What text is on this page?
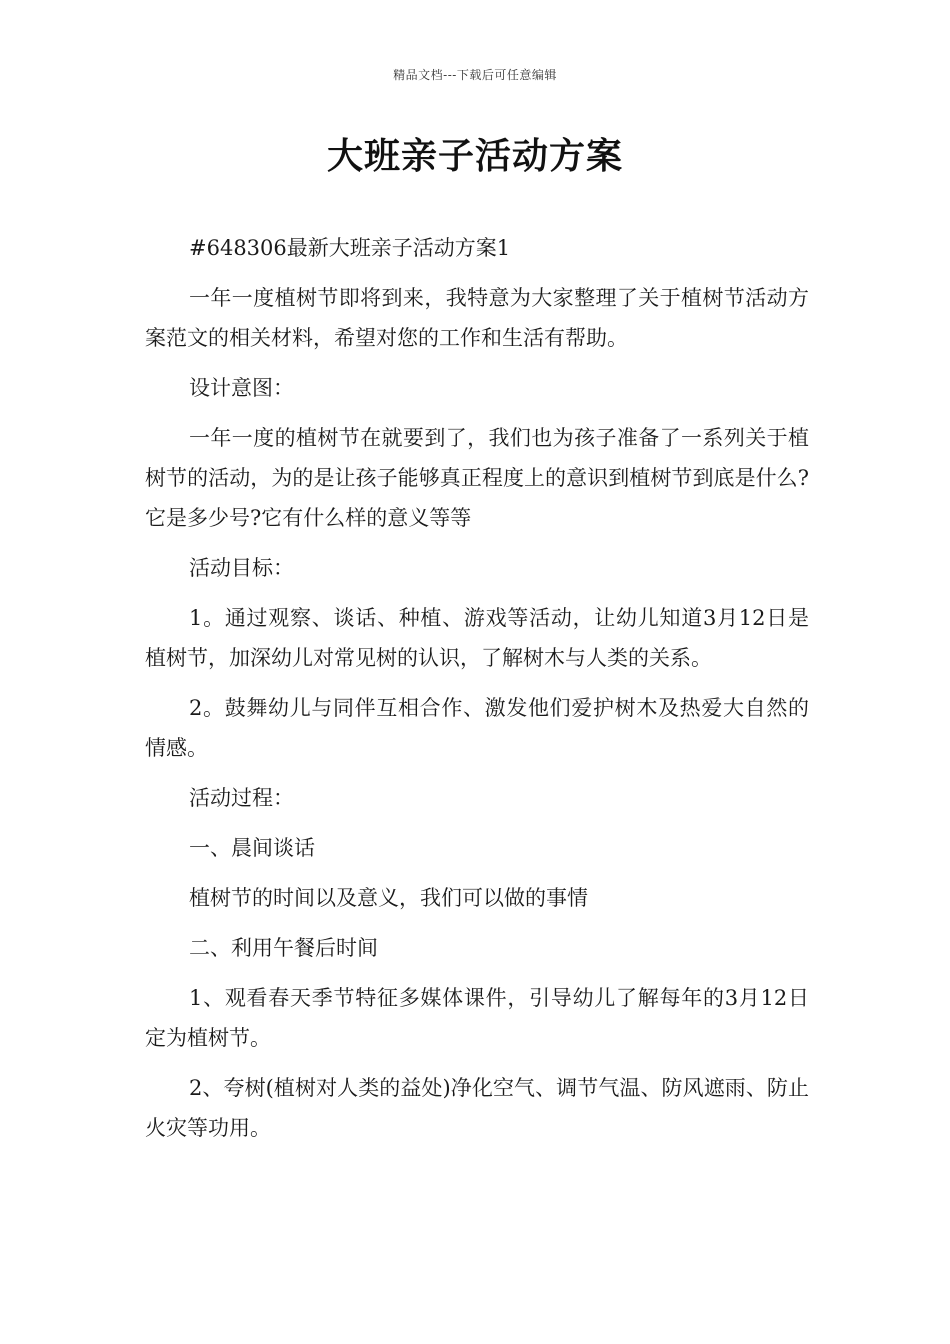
精品文档---下载后可任意编辑
大班亲子活动方案

#648306最新大班亲子活动方案1

一年一度植树节即将到来，我特意为大家整理了关于植树节活动方案范文的相关材料，希望对您的工作和生活有帮助。

设计意图：

一年一度的植树节在就要到了，我们也为孩子准备了一系列关于植树节的活动，为的是让孩子能够真正程度上的意识到植树节到底是什么?它是多少号?它有什么样的意义等等

活动目标：

1。通过观察、谈话、种植、游戏等活动，让幼儿知道3月12日是植树节，加深幼儿对常见树的认识，了解树木与人类的关系。

2。鼓舞幼儿与同伴互相合作、激发他们爱护树木及热爱大自然的情感。

活动过程：

一、晨间谈话

植树节的时间以及意义，我们可以做的事情

二、利用午餐后时间

1、观看春天季节特征多媒体课件，引导幼儿了解每年的3月12日定为植树节。

2、夸树(植树对人类的益处)净化空气、调节气温、防风遮雨、防止火灾等功用。
